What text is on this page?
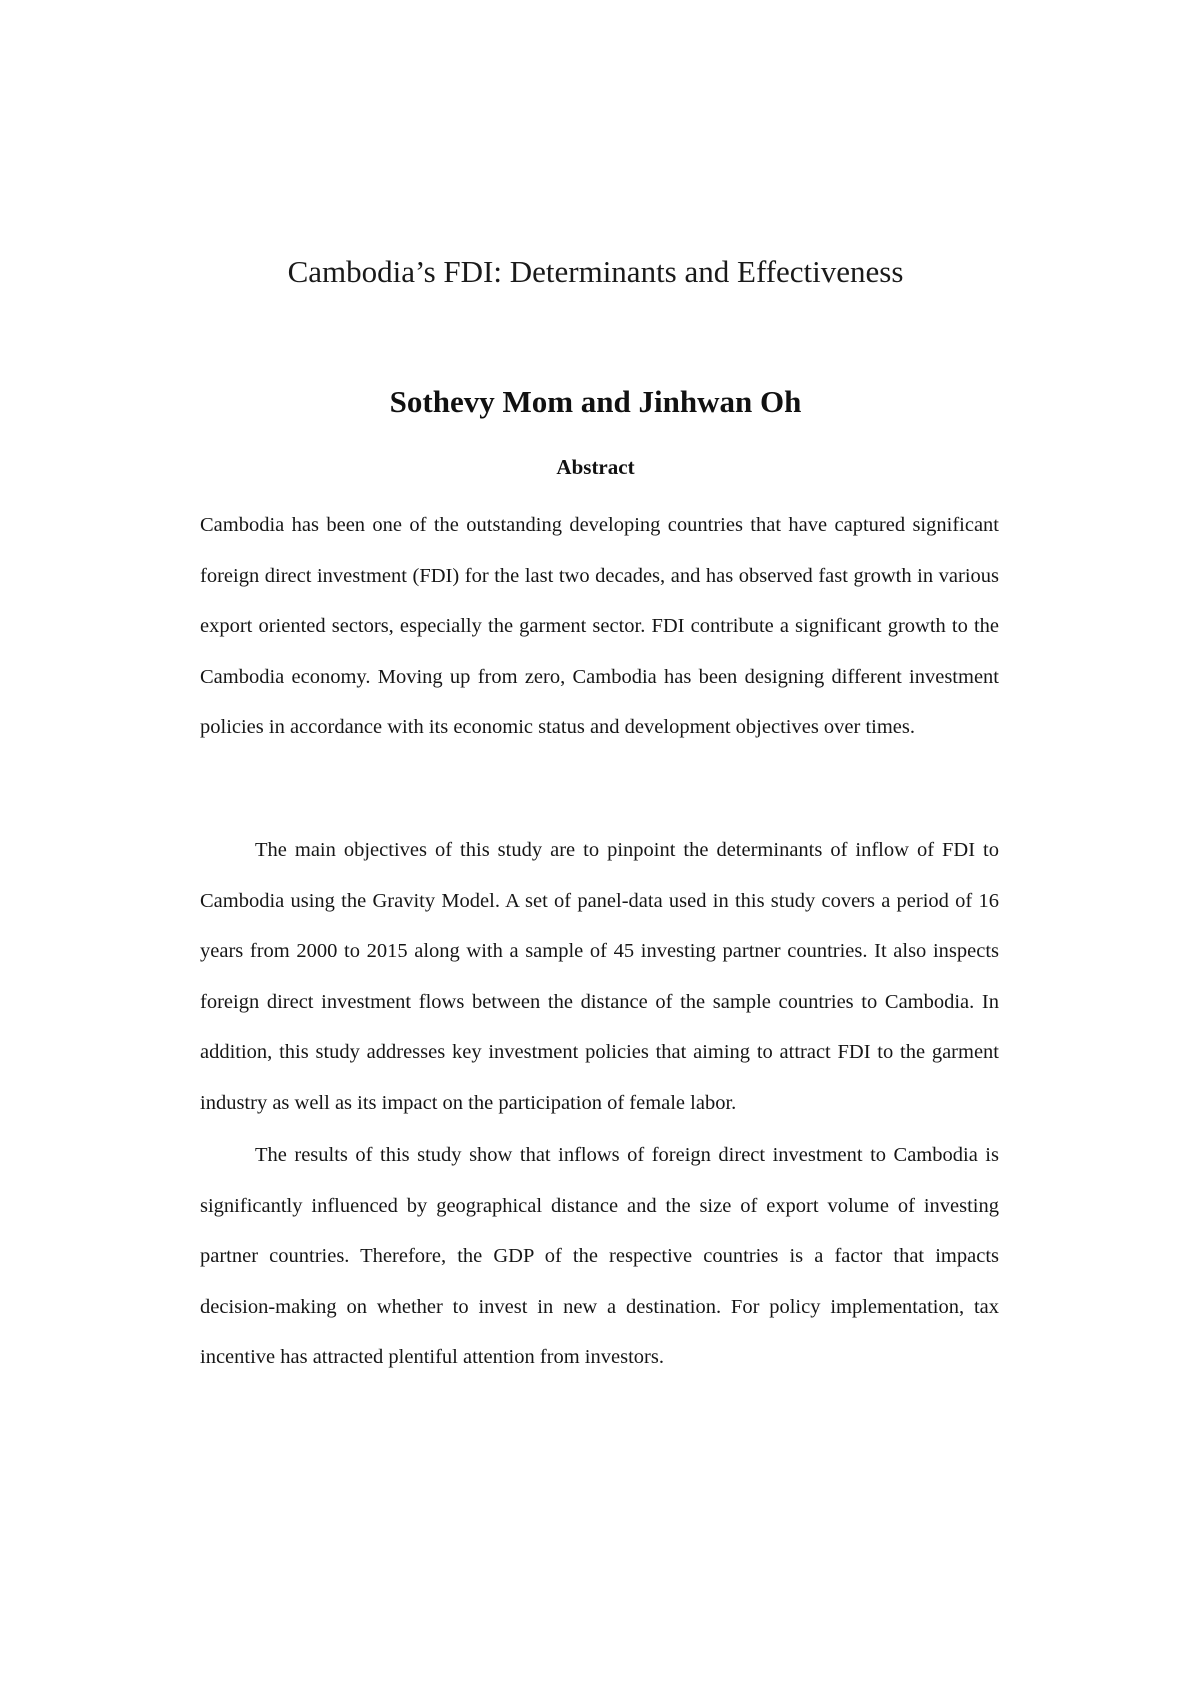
Cambodia’s FDI: Determinants and Effectiveness
Sothevy Mom and Jinhwan Oh
Abstract

Cambodia has been one of the outstanding developing countries that have captured significant foreign direct investment (FDI) for the last two decades, and has observed fast growth in various export oriented sectors, especially the garment sector. FDI contribute a significant growth to the Cambodia economy. Moving up from zero, Cambodia has been designing different investment policies in accordance with its economic status and development objectives over times.

The main objectives of this study are to pinpoint the determinants of inflow of FDI to Cambodia using the Gravity Model. A set of panel-data used in this study covers a period of 16 years from 2000 to 2015 along with a sample of 45 investing partner countries. It also inspects foreign direct investment flows between the distance of the sample countries to Cambodia. In addition, this study addresses key investment policies that aiming to attract FDI to the garment industry as well as its impact on the participation of female labor.

The results of this study show that inflows of foreign direct investment to Cambodia is significantly influenced by geographical distance and the size of export volume of investing partner countries. Therefore, the GDP of the respective countries is a factor that impacts decision-making on whether to invest in new a destination. For policy implementation, tax incentive has attracted plentiful attention from investors.
